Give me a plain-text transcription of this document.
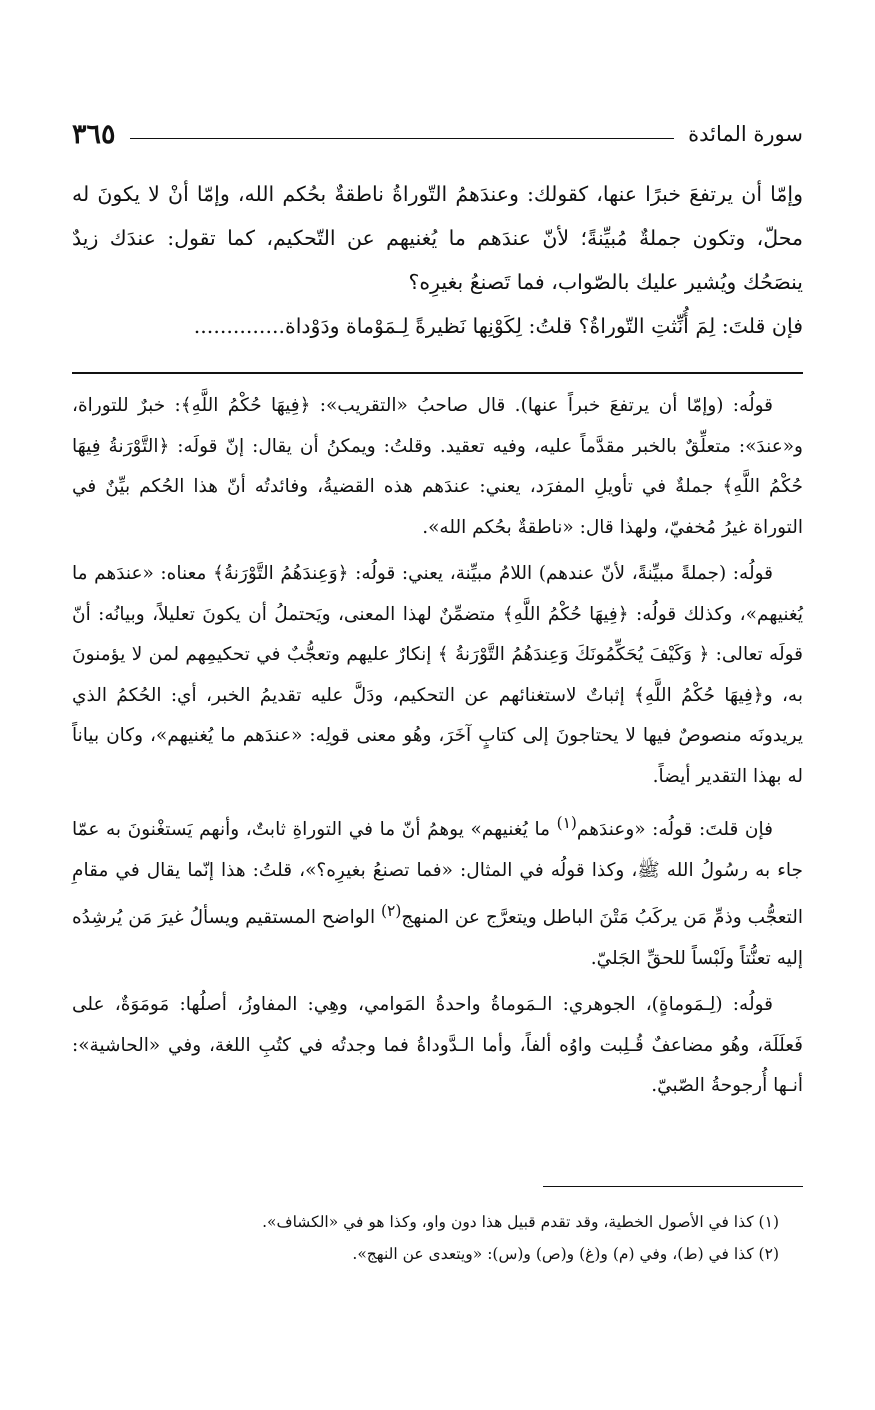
سورة المائدة
٣٦٥

وإمّا أن يرتفعَ خبرًا عنها، كقولك: وعندَهمُ التّوراةُ ناطقةٌ بحُكم الله، وإمّا أنْ لا يكونَ له محلّ، وتكون جملةٌ مُبيِّنةً؛ لأنّ عندَهم ما يُغنيهم عن التّحكيم، كما تقول: عندَك زيدٌ ينصَحُك ويُشير عليك بالصّواب، فما تَصنعُ بغيرِه؟

فإن قلتَ: لِمَ أُنِّثتِ التّوراةُ؟ قلتُ: لِكَوْنِها نَظيرةً لِـمَوْماة ودَوْداة..............

قولُه: (وإمّا أن يرتفعَ خبراً عنها). قال صاحبُ «التقريب»: ﴿فِيهَا حُكْمُ اللَّهِ﴾: خبرٌ للتوراة، و«عندَ»: متعلِّقٌ بالخبر مقدَّماً عليه، وفيه تعقيد. وقلتُ: ويمكنُ أن يقال: إنّ قولَه: ﴿التَّوْرَنةُ فِيهَا حُكْمُ اللَّهِ﴾ جملةٌ في تأويلِ المفرَد، يعني: عندَهم هذه القضيةُ، وفائدتُه أنّ هذا الحُكم بيِّنٌ في التوراة غيرُ مُخفيّ، ولهذا قال: «ناطقةٌ بحُكم الله».

قولُه: (جملةً مبيِّنةً، لأنّ عندهم) اللامُ مبيِّنة، يعني: قولُه: ﴿وَعِندَهُمُ التَّوْرَنةُ﴾ معناه: «عندَهم ما يُغنيهم»، وكذلك قولُه: ﴿فِيهَا حُكْمُ اللَّهِ﴾ متضمِّنٌ لهذا المعنى، ويَحتملُ أن يكونَ تعليلاً، وبيانُه: أنّ قولَه تعالى: ﴿ وَكَيْفَ يُحَكِّمُونَكَ وَعِندَهُمُ التَّوْرَنةُ ﴾ إنكارٌ عليهم وتعجُّبٌ في تحكيمِهم لمن لا يؤمنونَ به، و﴿فِيهَا حُكْمُ اللَّهِ﴾ إثباتٌ لاستغنائهم عن التحكيم، ودَلَّ عليه تقديمُ الخبر، أي: الحُكمُ الذي يريدونَه منصوصٌ فيها لا يحتاجونَ إلى كتابٍ آخَرَ، وهُو معنى قولِه: «عندَهم ما يُغنيهم»، وكان بياناً له بهذا التقدير أيضاً.

فإن قلتَ: قولُه: «وعندَهم$^{(١)}$ ما يُغنيهم» يوهمُ أنّ ما في التوراةِ ثابتٌ، وأنهم يَستغْنونَ به عمّا جاء به رسُولُ الله ﷺ، وكذا قولُه في المثال: «فما تصنعُ بغيرِه؟»، قلتُ: هذا إنّما يقال في مقامِ التعجُّب وذمِّ مَن يركَبُ مَتْنَ الباطل ويتعرَّج عن المنهج$^{(٢)}$ الواضح المستقيم ويسألُ غيرَ مَن يُرشِدُه إليه تعنُّتاً ولَبْساً للحقِّ الجَليّ.

قولُه: (لِـمَوماةٍ)، الجوهري: الـمَوماةُ واحدةُ المَوامي، وهِي: المفاوزُ، أصلُها: مَومَوَةٌ، على فَعلَلَة، وهُو مضاعفٌ قُـلِبت واوُه ألفاً، وأما الـدَّوداةُ فما وجدتُه في كتُبِ اللغة، وفي «الحاشية»: أنـها أُرجوحةُ الصّبيّ.

(١) كذا في الأصول الخطية، وقد تقدم قبيل هذا دون واو، وكذا هو في «الكشاف».

(٢) كذا في (ط)، وفي (م) و(غ) و(ص) و(س): «ويتعدى عن النهج».
